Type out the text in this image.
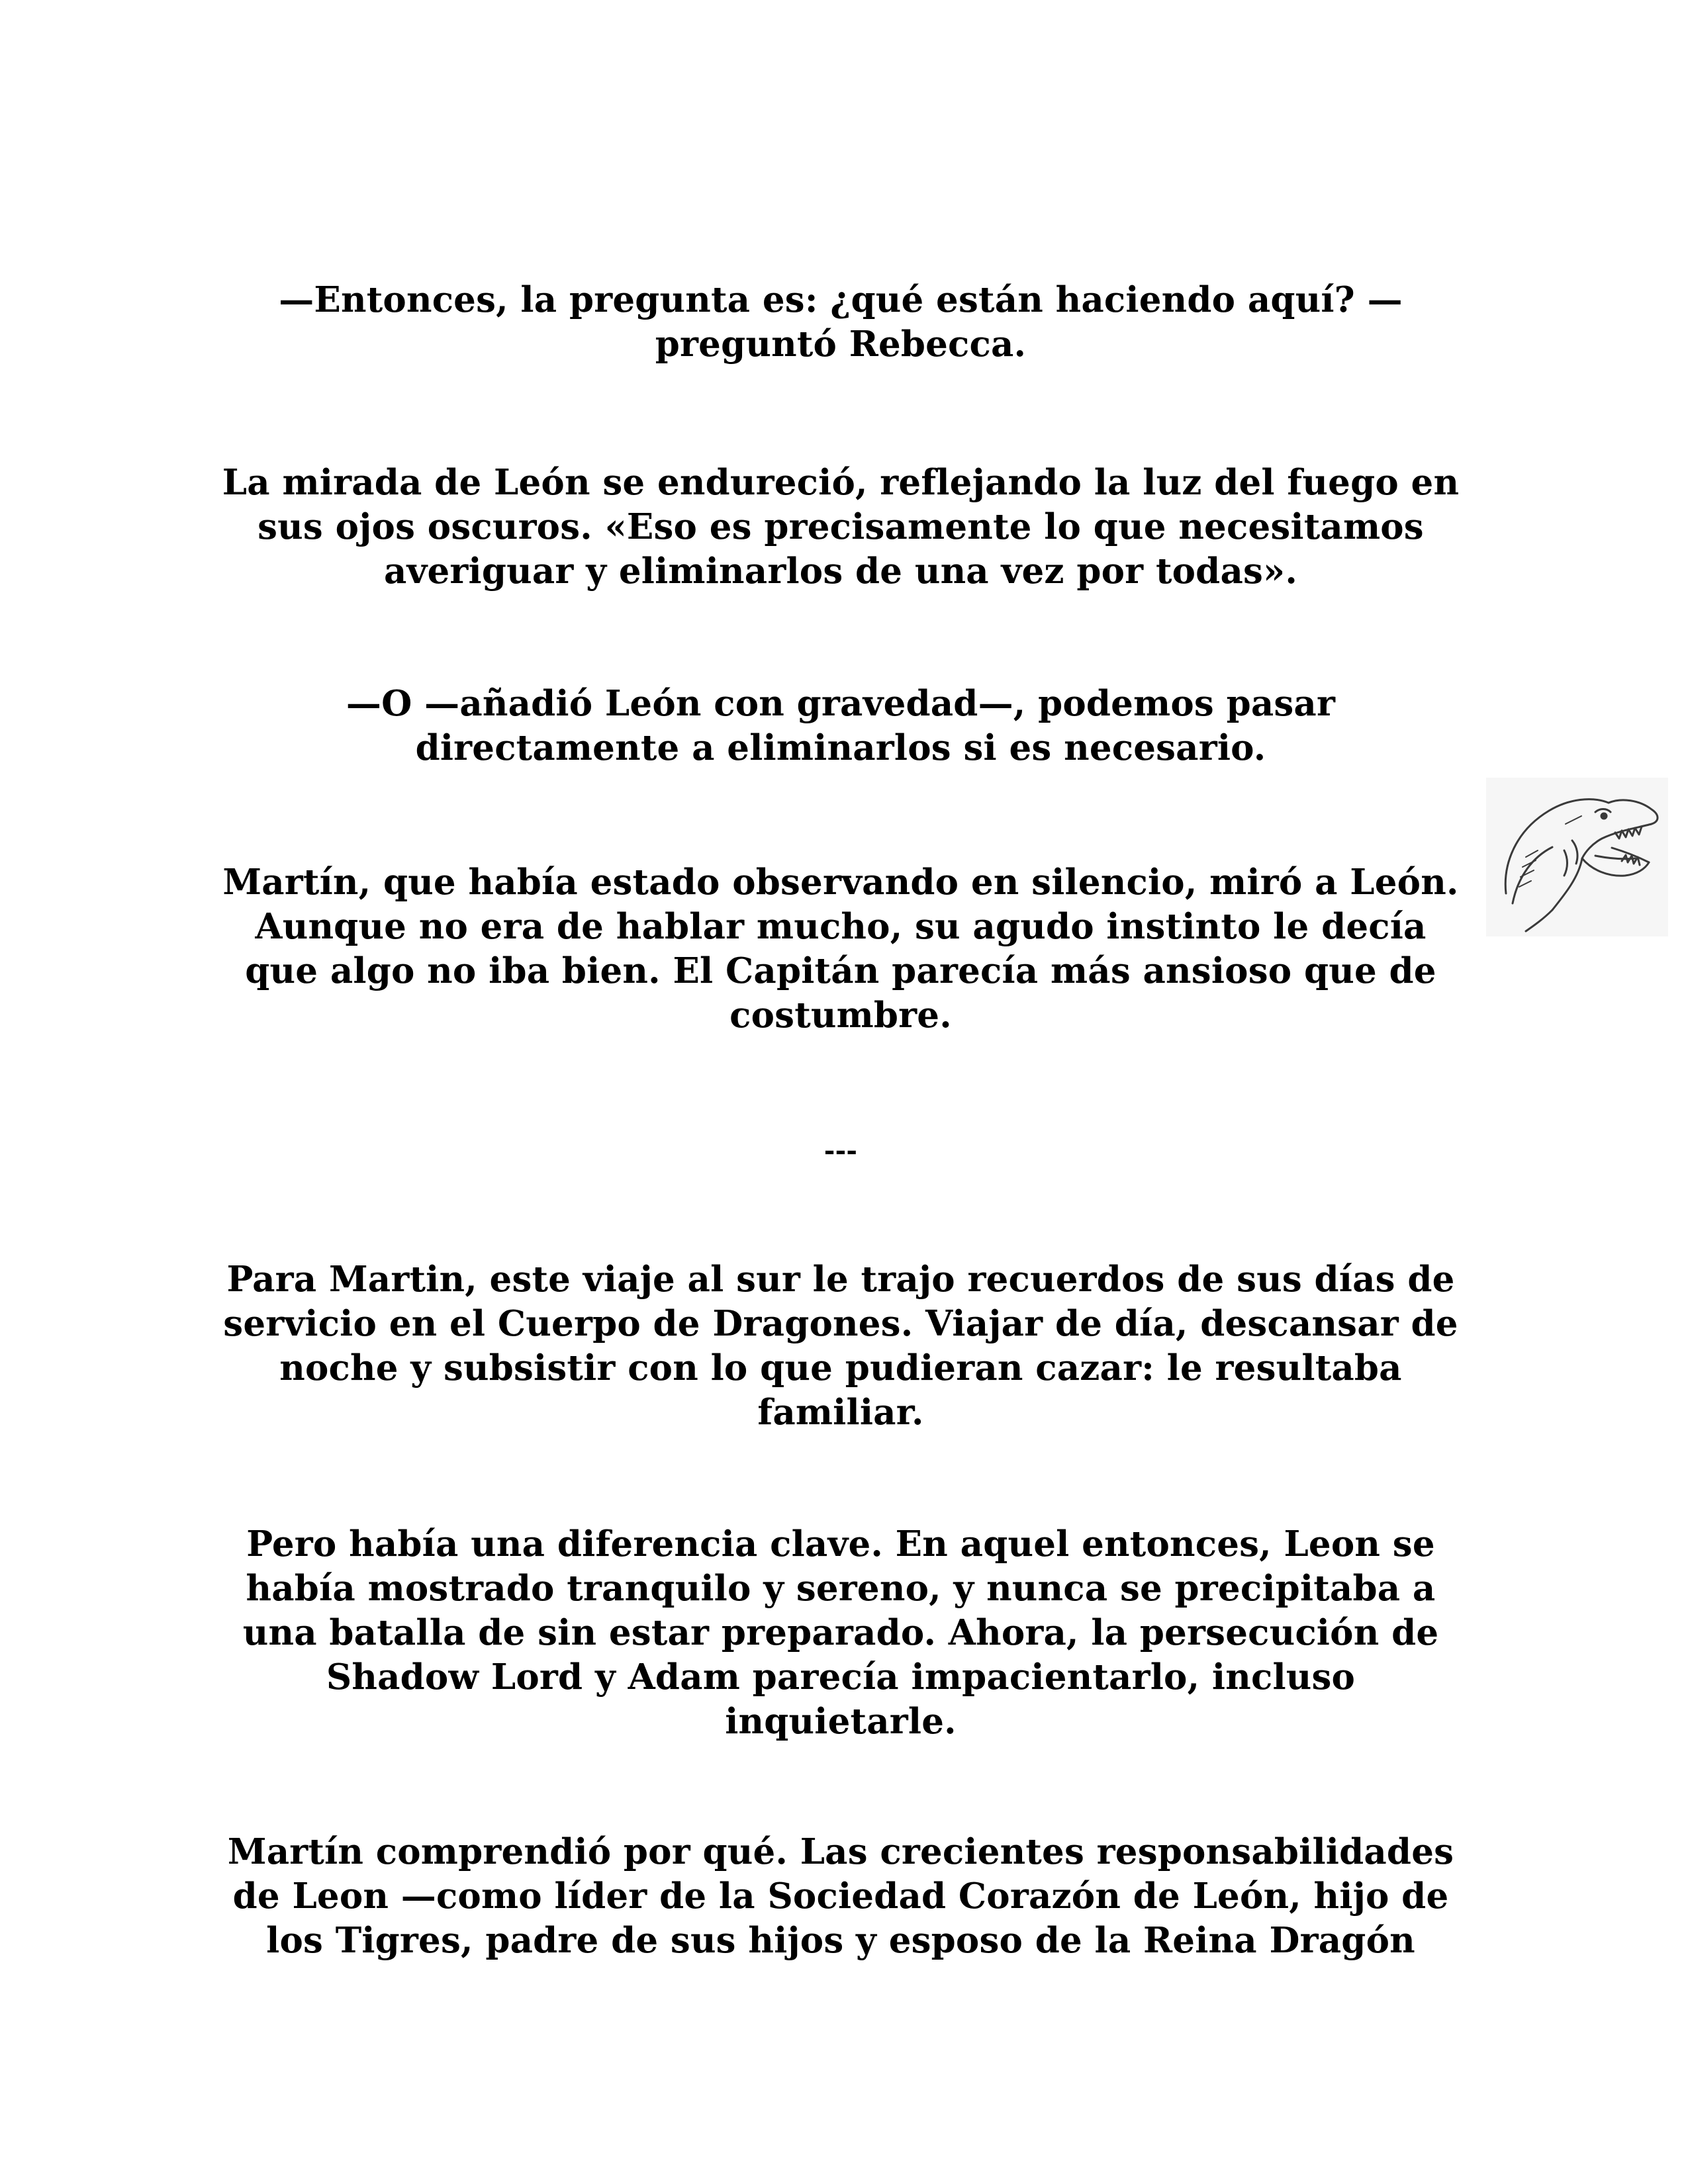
—Entonces, la pregunta es: ¿qué están haciendo aquí? —preguntó Rebecca.

La mirada de León se endureció, reflejando la luz del fuego en sus ojos oscuros. «Eso es precisamente lo que necesitamos averiguar y eliminarlos de una vez por todas».

—O —añadió León con gravedad—, podemos pasar directamente a eliminarlos si es necesario.

Martín, que había estado observando en silencio, miró a León. Aunque no era de hablar mucho, su agudo instinto le decía que algo no iba bien. El Capitán parecía más ansioso que de costumbre.

---

Para Martin, este viaje al sur le trajo recuerdos de sus días de servicio en el Cuerpo de Dragones. Viajar de día, descansar de noche y subsistir con lo que pudieran cazar: le resultaba familiar.

Pero había una diferencia clave. En aquel entonces, Leon se había mostrado tranquilo y sereno, y nunca se precipitaba a una batalla de sin estar preparado. Ahora, la persecución de Shadow Lord y Adam parecía impacientarlo, incluso inquietarle.

Martín comprendió por qué. Las crecientes responsabilidades de Leon —como líder de la Sociedad Corazón de León, hijo de los Tigres, padre de sus hijos y esposo de la Reina Dragón
